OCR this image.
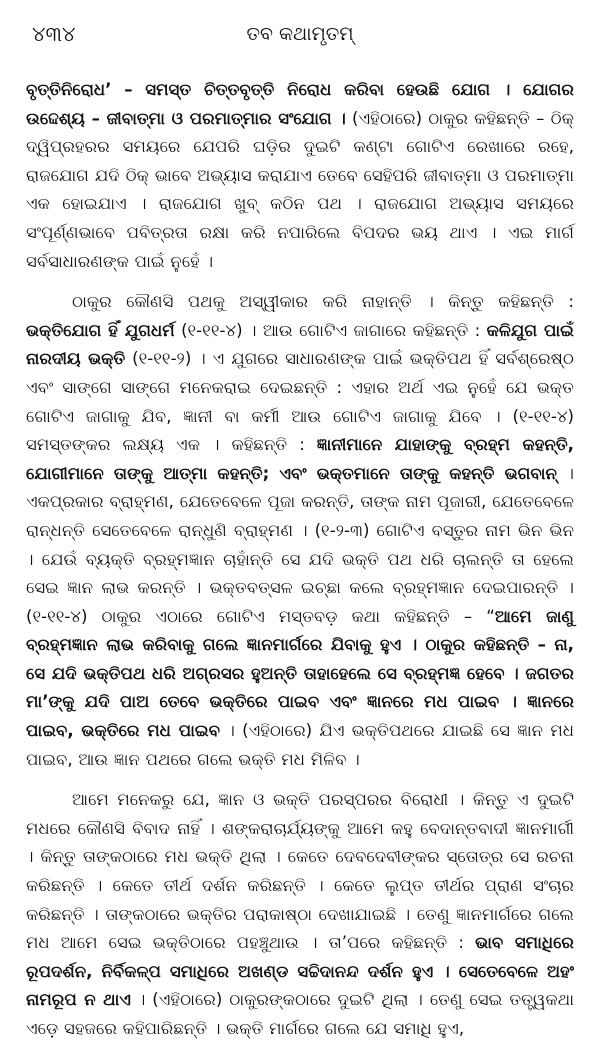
୪୩୪	ତବ କଥାମୃତମ୍

ବୃତ୍ତିନିରୋଧ’ – ସମସ୍ତ ଚିତ୍ତବୃତ୍ତି ନିରୋଧ କରିବା ହେଉଛି ଯୋଗ । ଯୋଗର ଉଦ୍ଦେଶ୍ୟ – ଜୀବାତ୍ମା ଓ ପରମାତ୍ମାର ସଂଯୋଗ । (ଏହିଠାରେ) ଠାକୁର କହିଛନ୍ତି – ଠିକ୍ ଦ୍ୱିପ୍ରହରର ସମୟରେ ଯେପରି ଘଡ଼ିର ଦୁଇଟି କଣ୍ଟା ଗୋଟିଏ ରେଖାରେ ରହେ, ରାଜଯୋଗ ଯଦି ଠିକ୍ ଭାବେ ଅଭ୍ୟାସ କରାଯାଏ ତେବେ ସେହିପରି ଜୀବାତ୍ମା ଓ ପରମାତ୍ମା ଏକ ହୋଇଯାଏ । ରାଜଯୋଗ ଖୁବ୍ କଠିନ ପଥ । ରାଜଯୋଗ ଅଭ୍ୟାସ ସମୟରେ ସଂପୂର୍ଣ୍ଣଭାବେ ପବିତ୍ରତା ରକ୍ଷା କରି ନପାରିଲେ ବିପଦର ଭୟ ଥାଏ । ଏଇ ମାର୍ଗ ସର୍ବସାଧାରଣଙ୍କ ପାଇଁ ନୁହେଁ ।

ଠାକୁର କୌଣସି ପଥକୁ ଅସ୍ୱୀକାର କରି ନାହାନ୍ତି । କିନ୍ତୁ କହିଛନ୍ତି : ଭକ୍ତିଯୋଗ ହିଁ ଯୁଗଧର୍ମ (୧-୧୧-୪) । ଆଉ ଗୋଟିଏ ଜାଗାରେ କହିଛନ୍ତି : କଳିଯୁଗ ପାଇଁ ନାରଦୀୟ ଭକ୍ତି (୧-୧୧-୨) । ଏ ଯୁଗରେ ସାଧାରଣଙ୍କ ପାଇଁ ଭକ୍ତିପଥ ହିଁ ସର୍ବଶ୍ରେଷ୍ଠ ଏବଂ ସାଙ୍ଗେ ସାଙ୍ଗେ ମନେକରାଇ ଦେଇଛନ୍ତି : ଏହାର ଅର୍ଥ ଏଇ ନୁହେଁ ଯେ ଭକ୍ତ ଗୋଟିଏ ଜାଗାକୁ ଯିବ, ଜ୍ଞାନୀ ବା କର୍ମୀ ଆଉ ଗୋଟିଏ ଜାଗାକୁ ଯିବେ । (୧-୧୧-୪) ସମସ୍ତଙ୍କର ଲକ୍ଷ୍ୟ ଏକ । କହିଛନ୍ତି : ଜ୍ଞାନୀମାନେ ଯାହାଙ୍କୁ ବ୍ରହ୍ମ କହନ୍ତି, ଯୋଗୀମାନେ ତାଙ୍କୁ ଆତ୍ମା କହନ୍ତି; ଏବଂ ଭକ୍ତମାନେ ତାଙ୍କୁ କହନ୍ତି ଭଗବାନ୍ । ଏକପ୍ରକାର ବ୍ରାହ୍ମଣ, ଯେତେବେଳେ ପୂଜା କରନ୍ତି, ତାଙ୍କ ନାମ ପୂଜାରୀ, ଯେତେବେଳେ ରାନ୍ଧନ୍ତି ସେତେବେଳେ ରାନ୍ଧୁଣି ବ୍ରାହ୍ମଣ । (୧-୨-୩) ଗୋଟିଏ ବସ୍ତୁର ନାମ ଭିନ ଭିନ । ଯେଉଁ ବ୍ୟକ୍ତି ବ୍ରହ୍ମଜ୍ଞାନ ଚାହାଁନ୍ତି ସେ ଯଦି ଭକ୍ତି ପଥ ଧରି ଚାଲନ୍ତି ତା ହେଲେ ସେଇ ଜ୍ଞାନ ଲାଭ କରନ୍ତି । ଭକ୍ତବତ୍ସଳ ଇଚ୍ଛା କଲେ ବ୍ରହ୍ମଜ୍ଞାନ ଦେଇପାରନ୍ତି । (୧-୧୧-୪) ଠାକୁର ଏଠାରେ ଗୋଟିଏ ମସ୍ତବଡ଼ କଥା କହିଛନ୍ତି – “ଆମେ ଜାଣୁ ବ୍ରହ୍ମଜ୍ଞାନ ଲାଭ କରିବାକୁ ଗଲେ ଜ୍ଞାନମାର୍ଗରେ ଯିବାକୁ ହୁଏ । ଠାକୁର କହିଛନ୍ତି – ନା, ସେ ଯଦି ଭକ୍ତିପଥ ଧରି ଅଗ୍ରସର ହୁଅନ୍ତି ତାହାହେଲେ ସେ ବ୍ରହ୍ମଜ୍ଞ ହେବେ । ଜଗତର ମା’ଙ୍କୁ ଯଦି ପାଅ ତେବେ ଭକ୍ତିରେ ପାଇବ ଏବଂ ଜ୍ଞାନରେ ମଧ ପାଇବ । ଜ୍ଞାନରେ ପାଇବ, ଭକ୍ତିରେ ମଧ ପାଇବ । (ଏହିଠାରେ) ଯିଏ ଭକ୍ତିପଥରେ ଯାଇଛି ସେ ଜ୍ଞାନ ମଧ ପାଇବ, ଆଉ ଜ୍ଞାନ ପଥରେ ଗଲେ ଭକ୍ତି ମଧ ମିଳିବ ।

ଆମେ ମନେକରୁ ଯେ, ଜ୍ଞାନ ଓ ଭକ୍ତି ପରସ୍ପରର ବିରୋଧୀ । କିନ୍ତୁ ଏ ଦୁଇଟି ମଧରେ କୌଣସି ବିବାଦ ନାହିଁ । ଶଙ୍କରାଚାର୍ଯ୍ୟଙ୍କୁ ଆମେ କହୁ ବେଦାନ୍ତବାଦୀ ଜ୍ଞାନମାର୍ଗୀ । କିନ୍ତୁ ତାଙ୍କଠାରେ ମଧ ଭକ୍ତି ଥିଲା । କେତେ ଦେବଦେବୀଙ୍କର ସ୍ତୋତ୍ର ସେ ରଚନା କରିଛନ୍ତି । କେତେ ତୀର୍ଥ ଦର୍ଶନ କରିଛନ୍ତି । କେତେ ଲୁପ୍ତ ତୀର୍ଥର ପ୍ରାଣ ସଂଚାର କରିଛନ୍ତି । ତାଙ୍କଠାରେ ଭକ୍ତିର ପରାକାଷ୍ଠା ଦେଖାଯାଇଛି । ତେଣୁ ଜ୍ଞାନମାର୍ଗରେ ଗଲେ ମଧ ଆମେ ସେଇ ଭକ୍ତିଠାରେ ପହଞ୍ଚୁଥାଉ । ତା’ପରେ କହିଛନ୍ତି : ଭାବ ସମାଧିରେ ରୂପଦର୍ଶନ, ନିର୍ବିକଳ୍ପ ସମାଧିରେ ଅଖଣ୍ଡ ସଚ୍ଚିଦାନନ୍ଦ ଦର୍ଶନ ହୁଏ । ସେତେବେଳେ ଅହଂ ନାମରୂପ ନ ଥାଏ । (ଏହିଠାରେ) ଠାକୁରଙ୍କଠାରେ ଦୁଇଟି ଥିଲା । ତେଣୁ ସେଇ ତତ୍ତ୍ୱକଥା ଏଡ଼େ ସହଜରେ କହିପାରିଛନ୍ତି । ଭକ୍ତି ମାର୍ଗରେ ଗଲେ ଯେ ସମାଧି ହୁଏ,
